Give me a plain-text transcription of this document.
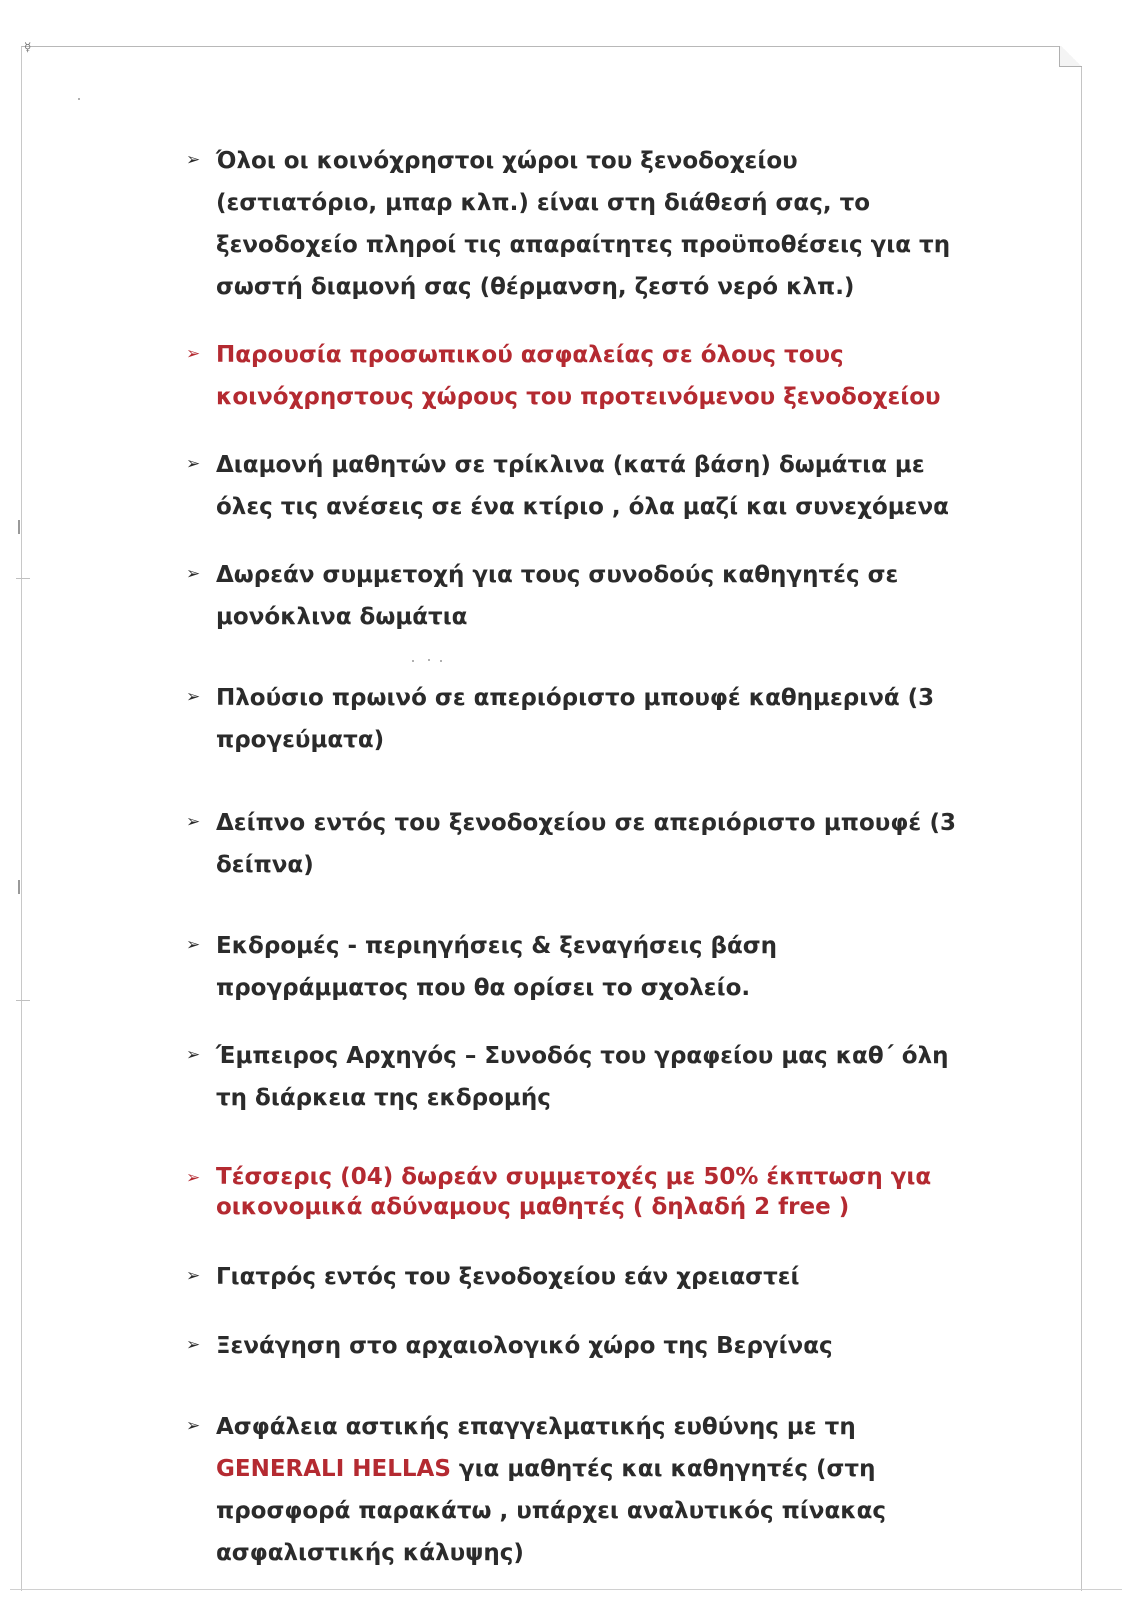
☿

➢ Όλοι οι κοινόχρηστοι χώροι του ξενοδοχείου (εστιατόριο, μπαρ κλπ.) είναι στη διάθεσή σας, το ξενοδοχείο πληροί τις απαραίτητες προϋποθέσεις για τη σωστή διαμονή σας (θέρμανση, ζεστό νερό κλπ.)

➢ Παρουσία προσωπικού ασφαλείας σε όλους τους κοινόχρηστους χώρους του προτεινόμενου ξενοδοχείου

➢ Διαμονή μαθητών σε τρίκλινα (κατά βάση) δωμάτια με όλες τις ανέσεις σε ένα κτίριο , όλα μαζί και συνεχόμενα

➢ Δωρεάν συμμετοχή για τους συνοδούς καθηγητές σε μονόκλινα δωμάτια

➢ Πλούσιο πρωινό σε απεριόριστο μπουφέ καθημερινά (3 προγεύματα)

➢ Δείπνο εντός του ξενοδοχείου σε απεριόριστο μπουφέ (3 δείπνα)

➢ Εκδρομές - περιηγήσεις & ξεναγήσεις βάση προγράμματος που θα ορίσει το σχολείο.

➢ Έμπειρος Αρχηγός – Συνοδός του γραφείου μας καθ΄ όλη τη διάρκεια της εκδρομής

➢ Τέσσερις (04) δωρεάν συμμετοχές με 50% έκπτωση για οικονομικά αδύναμους μαθητές ( δηλαδή 2 free )

➢ Γιατρός εντός του ξενοδοχείου εάν χρειαστεί

➢ Ξενάγηση στο αρχαιολογικό χώρο της Βεργίνας

➢ Ασφάλεια αστικής επαγγελματικής ευθύνης με τη GENERALI HELLAS για μαθητές και καθηγητές (στη προσφορά παρακάτω , υπάρχει αναλυτικός πίνακας ασφαλιστικής κάλυψης)
